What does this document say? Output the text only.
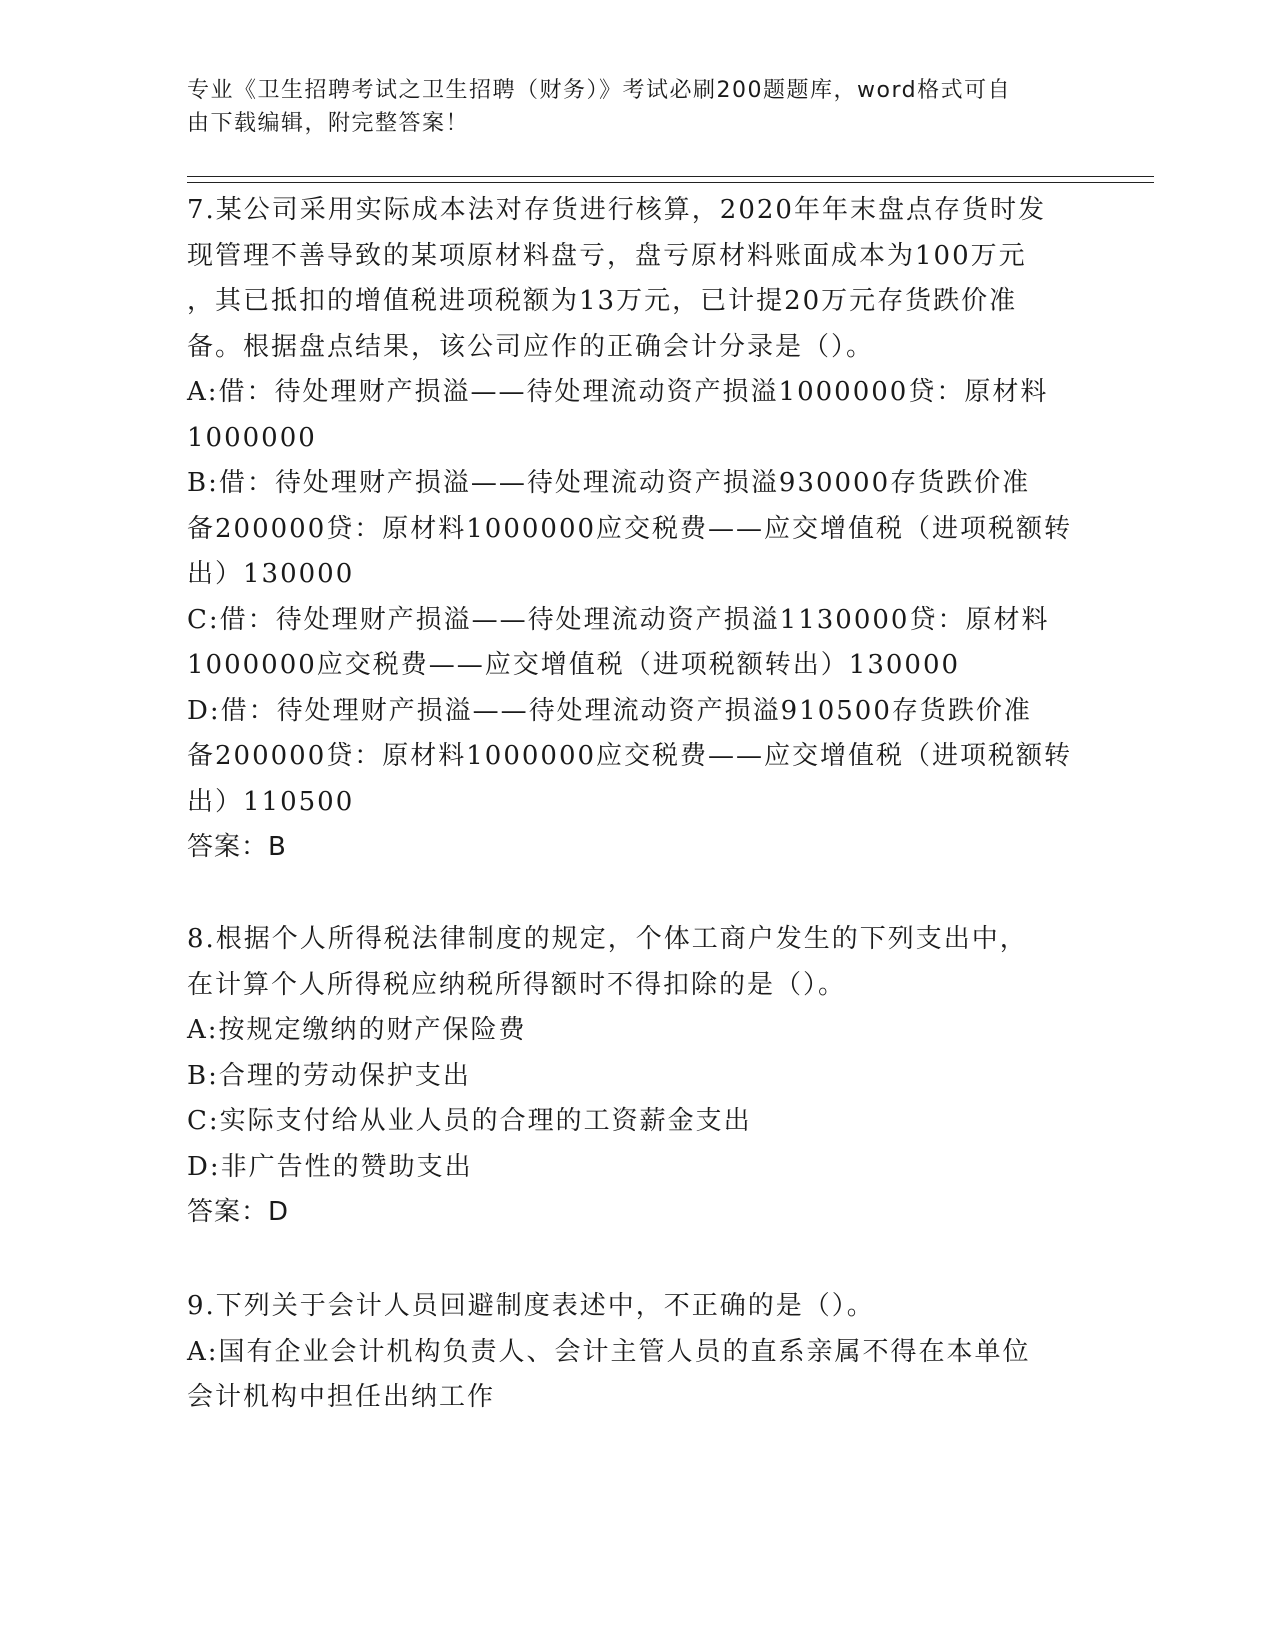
专业《卫生招聘考试之卫生招聘（财务）》考试必刷200题题库，word格式可自
由下载编辑，附完整答案！
7.某公司采用实际成本法对存货进行核算，2020年年末盘点存货时发
现管理不善导致的某项原材料盘亏，盘亏原材料账面成本为100万元
，其已抵扣的增值税进项税额为13万元，已计提20万元存货跌价准
备。根据盘点结果，该公司应作的正确会计分录是（）。
A:借：待处理财产损溢——待处理流动资产损溢1000000贷：原材料
1000000
B:借：待处理财产损溢——待处理流动资产损溢930000存货跌价准
备200000贷：原材料1000000应交税费——应交增值税（进项税额转
出）130000
C:借：待处理财产损溢——待处理流动资产损溢1130000贷：原材料
1000000应交税费——应交增值税（进项税额转出）130000
D:借：待处理财产损溢——待处理流动资产损溢910500存货跌价准
备200000贷：原材料1000000应交税费——应交增值税（进项税额转
出）110500
答案：B
8.根据个人所得税法律制度的规定，个体工商户发生的下列支出中，
在计算个人所得税应纳税所得额时不得扣除的是（）。
A:按规定缴纳的财产保险费
B:合理的劳动保护支出
C:实际支付给从业人员的合理的工资薪金支出
D:非广告性的赞助支出
答案：D
9.下列关于会计人员回避制度表述中，不正确的是（）。
A:国有企业会计机构负责人、会计主管人员的直系亲属不得在本单位
会计机构中担任出纳工作
